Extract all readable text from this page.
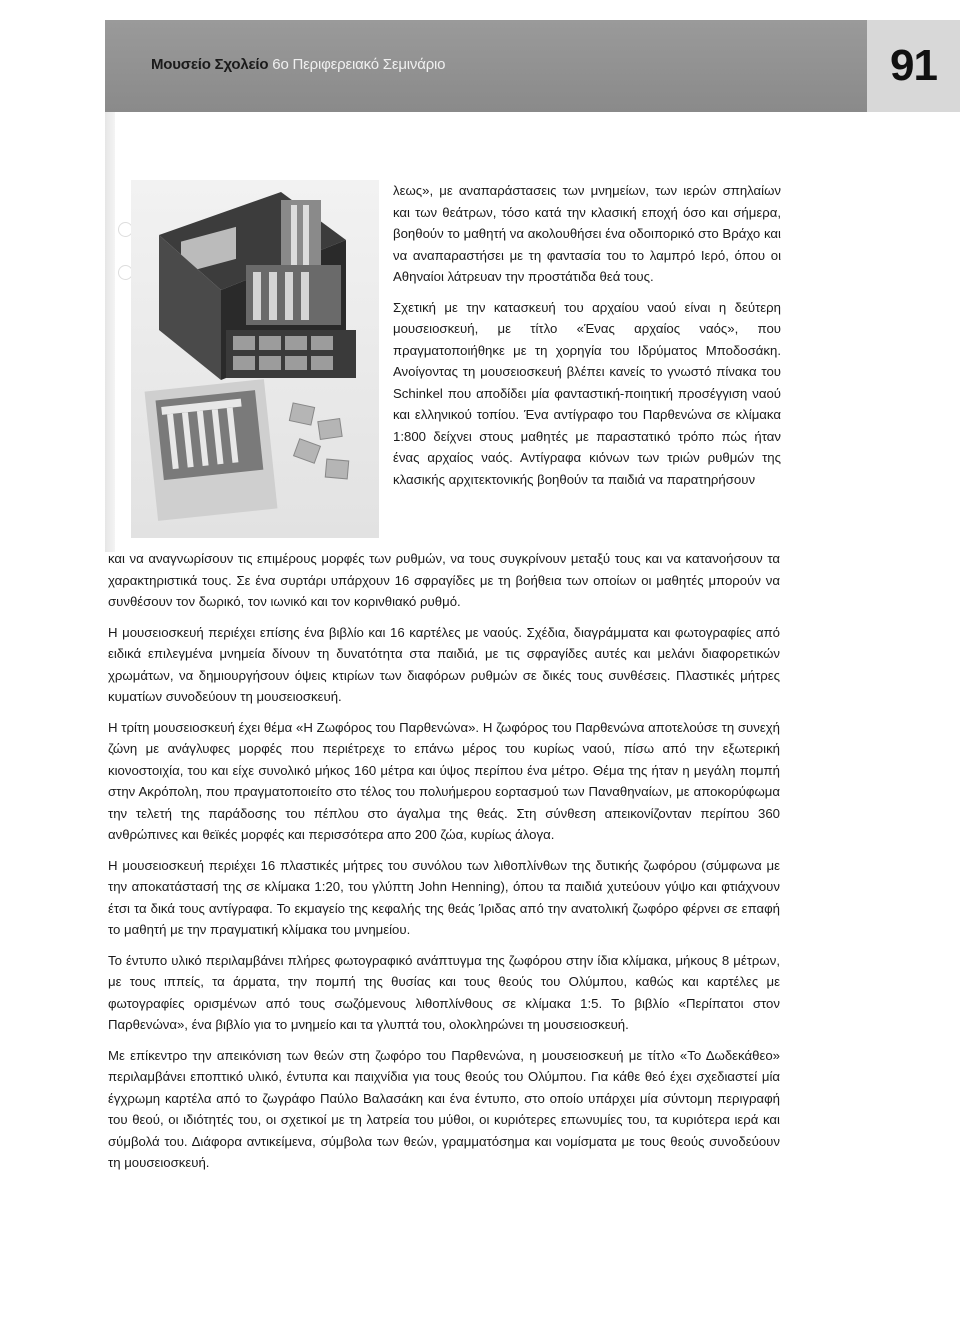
Μουσείο Σχολείο 6ο Περιφερειακό Σεμινάριο	91

λεως», με αναπαράστασεις των μνημείων, των ιερών σπηλαίων και των θεάτρων, τόσο κατά την κλασική εποχή όσο και σήμερα, βοηθούν το μαθητή να ακολουθήσει ένα οδοιπορικό στο Βράχο και να αναπαραστήσει με τη φαντασία του το λαμπρό Ιερό, όπου οι Αθηναίοι λάτρευαν την προστάτιδα θεά τους.

Σχετική με την κατασκευή του αρχαίου ναού είναι η δεύτερη μουσειοσκευή, με τίτλο «Ένας αρχαίος ναός», που πραγματοποιήθηκε με τη χορηγία του Ιδρύματος Μποδοσάκη. Ανοίγοντας τη μουσειοσκευή βλέπει κανείς το γνωστό πίνακα του Schinkel που αποδίδει μία φανταστική-ποιητική προσέγγιση ναού και ελληνικού τοπίου. Ένα αντίγραφο του Παρθενώνα σε κλίμακα 1:800 δείχνει στους μαθητές με παραστατικό τρόπο πώς ήταν ένας αρχαίος ναός. Αντίγραφα κιόνων των τριών ρυθμών της κλασικής αρχιτεκτονικής βοηθούν τα παιδιά να παρατηρήσουν

και να αναγνωρίσουν τις επιμέρους μορφές των ρυθμών, να τους συγκρίνουν μεταξύ τους και να κατανοήσουν τα χαρακτηριστικά τους. Σε ένα συρτάρι υπάρχουν 16 σφραγίδες με τη βοήθεια των οποίων οι μαθητές μπορούν να συνθέσουν τον δωρικό, τον ιωνικό και τον κορινθιακό ρυθμό.

Η μουσειοσκευή περιέχει επίσης ένα βιβλίο και 16 καρτέλες με ναούς. Σχέδια, διαγράμματα και φωτογραφίες από ειδικά επιλεγμένα μνημεία δίνουν τη δυνατότητα στα παιδιά, με τις σφραγίδες αυτές και μελάνι διαφορετικών χρωμάτων, να δημιουργήσουν όψεις κτιρίων των διαφόρων ρυθμών σε δικές τους συνθέσεις. Πλαστικές μήτρες κυματίων συνοδεύουν τη μουσειοσκευή.

Η τρίτη μουσειοσκευή έχει θέμα «Η Ζωφόρος του Παρθενώνα». Η ζωφόρος του Παρθενώνα αποτελούσε τη συνεχή ζώνη με ανάγλυφες μορφές που περιέτρεχε το επάνω μέρος του κυρίως ναού, πίσω από την εξωτερική κιονοστοιχία, του και είχε συνολικό μήκος 160 μέτρα και ύψος περίπου ένα μέτρο. Θέμα της ήταν η μεγάλη πομπή στην Ακρόπολη, που πραγματοποιείτο στο τέλος του πολυήμερου εορτασμού των Παναθηναίων, με αποκορύφωμα την τελετή της παράδοσης του πέπλου στο άγαλμα της θεάς. Στη σύνθεση απεικονίζονταν περίπου 360 ανθρώπινες και θεϊκές μορφές και περισσότερα απο 200 ζώα, κυρίως άλογα.

Η μουσειοσκευή περιέχει 16 πλαστικές μήτρες του συνόλου των λιθοπλίνθων της δυτικής ζωφόρου (σύμφωνα με την αποκατάστασή της σε κλίμακα 1:20, του γλύπτη John Henning), όπου τα παιδιά χυτεύουν γύψο και φτιάχνουν έτσι τα δικά τους αντίγραφα. Το εκμαγείο της κεφαλής της θεάς Ίριδας από την ανατολική ζωφόρο φέρνει σε επαφή το μαθητή με την πραγματική κλίμακα του μνημείου.

Το έντυπο υλικό περιλαμβάνει πλήρες φωτογραφικό ανάπτυγμα της ζωφόρου στην ίδια κλίμακα, μήκους 8 μέτρων, με τους ιππείς, τα άρματα, την πομπή της θυσίας και τους θεούς του Ολύμπου, καθώς και καρτέλες με φωτογραφίες ορισμένων από τους σωζόμενους λιθοπλίνθους σε κλίμακα 1:5. Το βιβλίο «Περίπατοι στον Παρθενώνα», ένα βιβλίο για το μνημείο και τα γλυπτά του, ολοκληρώνει τη μουσειοσκευή.

Με επίκεντρο την απεικόνιση των θεών στη ζωφόρο του Παρθενώνα, η μουσειοσκευή με τίτλο «Το Δωδεκάθεο» περιλαμβάνει εποπτικό υλικό, έντυπα και παιχνίδια για τους θεούς του Ολύμπου. Για κάθε θεό έχει σχεδιαστεί μία έγχρωμη καρτέλα από το ζωγράφο Παύλο Βαλασάκη και ένα έντυπο, στο οποίο υπάρχει μία σύντομη περιγραφή του θεού, οι ιδιότητές του, οι σχετικοί με τη λατρεία του μύθοι, οι κυριότερες επωνυμίες του, τα κυριότερα ιερά και σύμβολά του. Διάφορα αντικείμενα, σύμβολα των θεών, γραμματόσημα και νομίσματα με τους θεούς συνοδεύουν τη μουσειοσκευή.
